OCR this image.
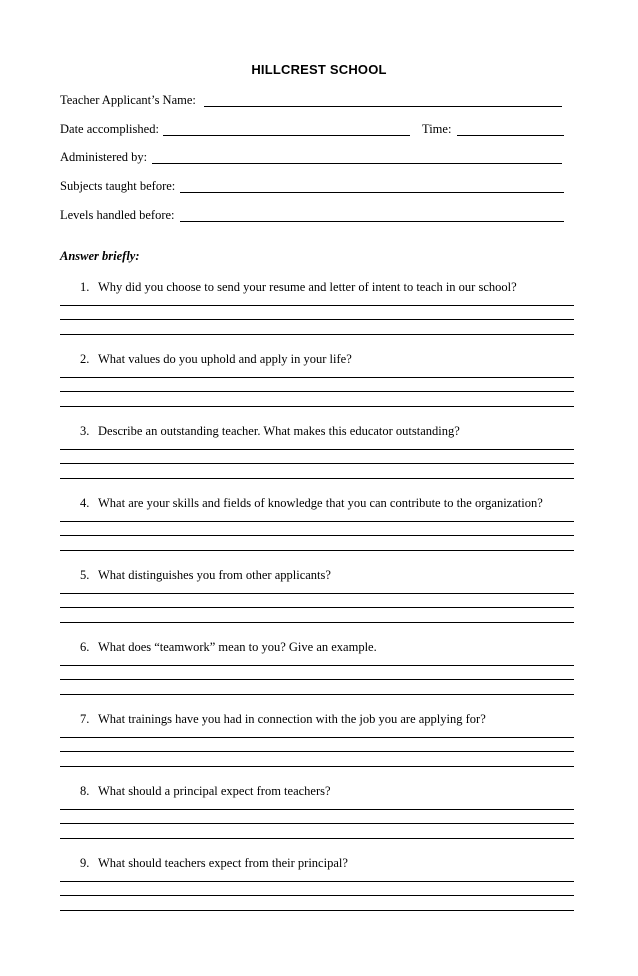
HILLCREST SCHOOL
Teacher Applicant’s Name:
Date accomplished:	Time:
Administered by:
Subjects taught before:
Levels handled before:
Answer briefly:
1. Why did you choose to send your resume and letter of intent to teach in our school?
2. What values do you uphold and apply in your life?
3. Describe an outstanding teacher. What makes this educator outstanding?
4. What are your skills and fields of knowledge that you can contribute to the organization?
5. What distinguishes you from other applicants?
6. What does “teamwork” mean to you? Give an example.
7. What trainings have you had in connection with the job you are applying for?
8. What should a principal expect from teachers?
9. What should teachers expect from their principal?
